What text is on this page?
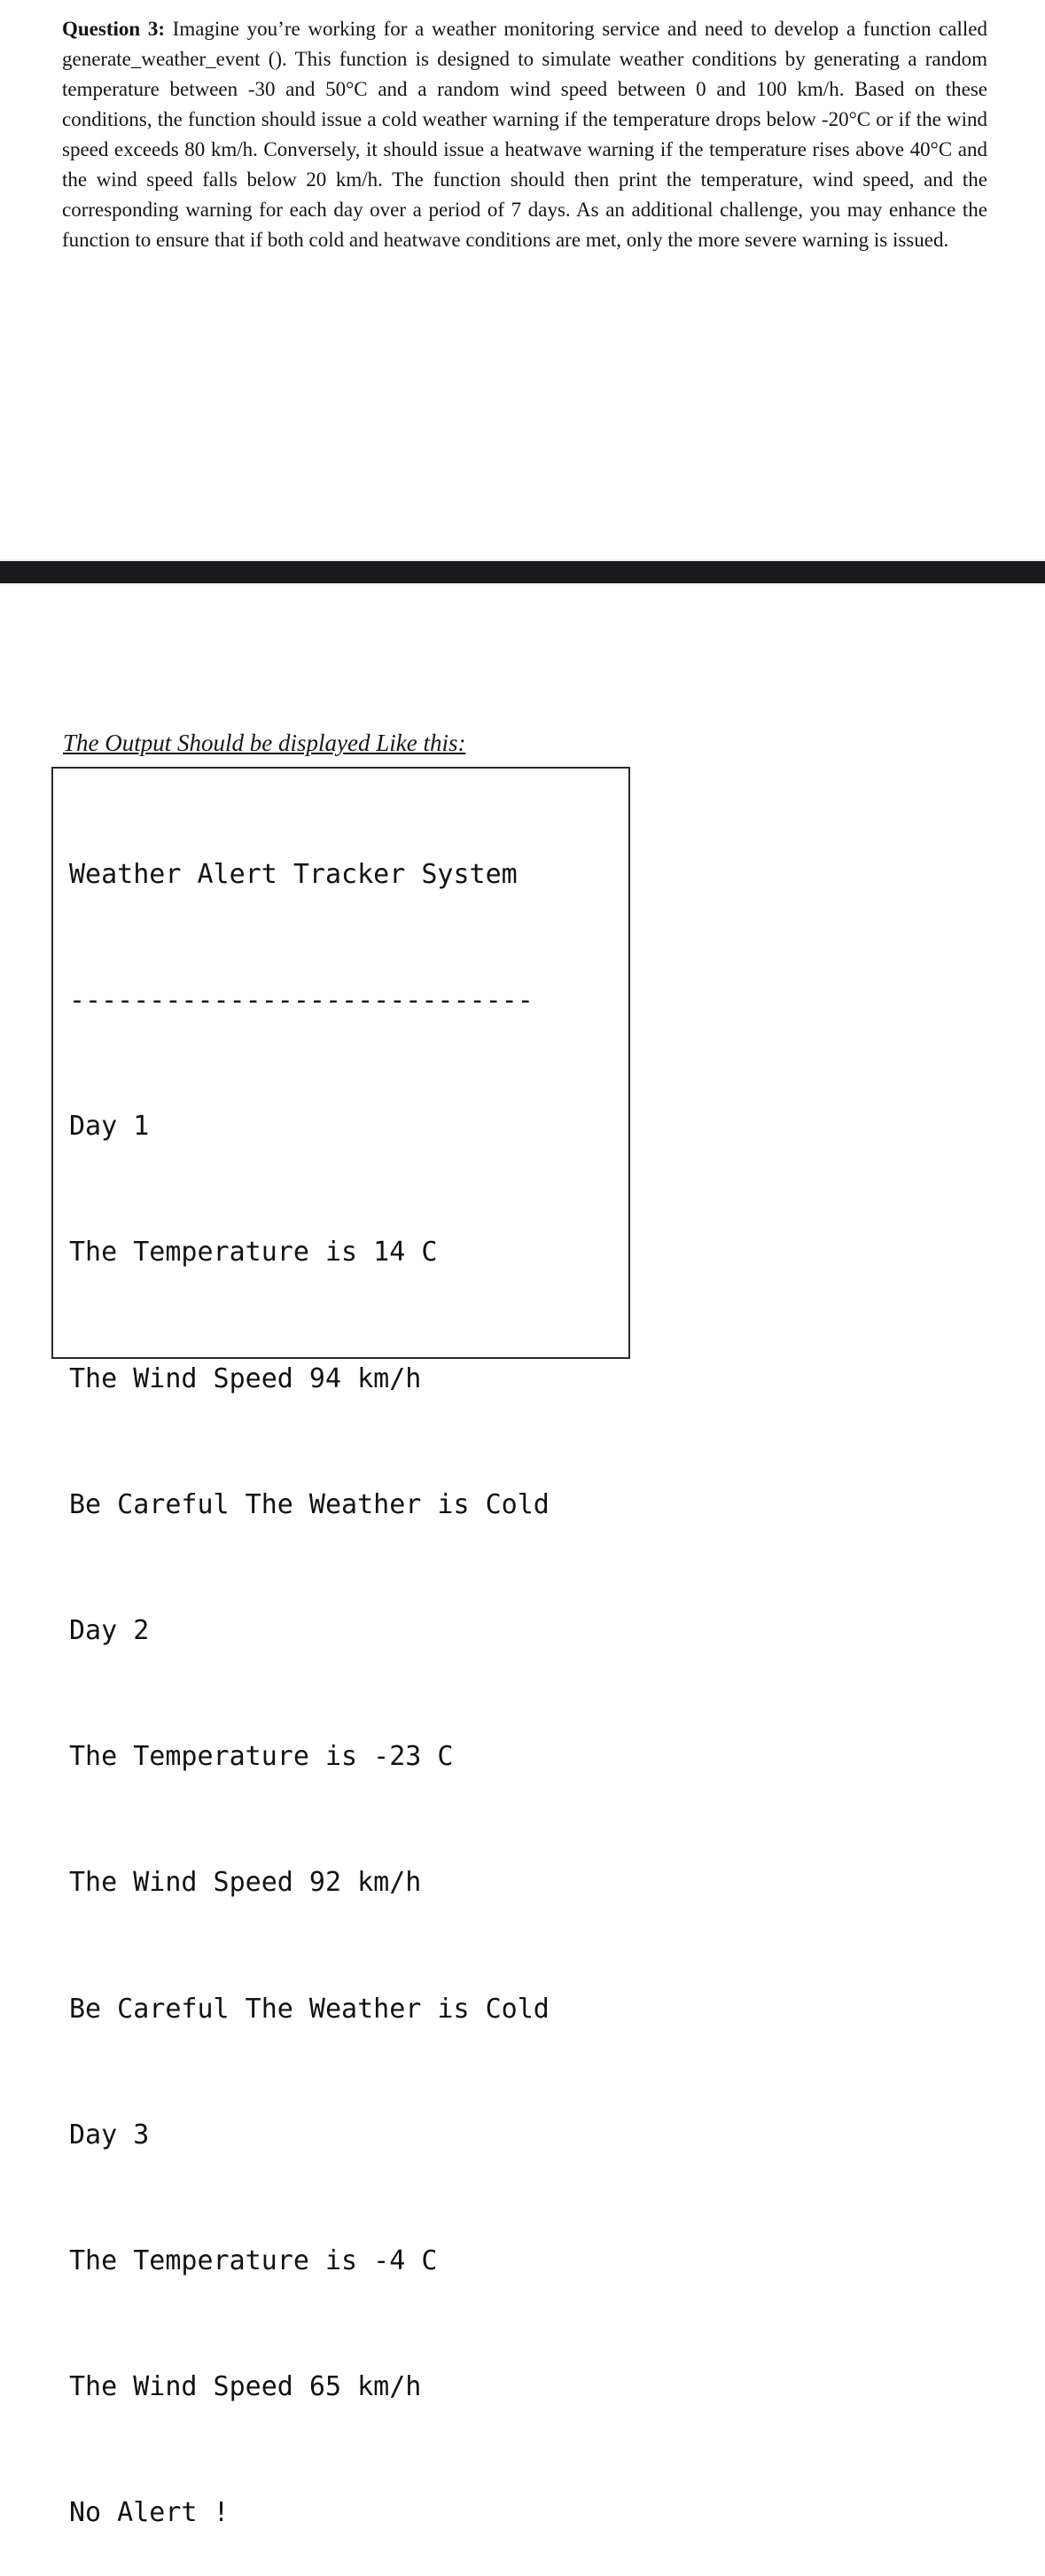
Question 3: Imagine you’re working for a weather monitoring service and need to develop a function called generate_weather_event (). This function is designed to simulate weather conditions by generating a random temperature between -30 and 50°C and a random wind speed between 0 and 100 km/h. Based on these conditions, the function should issue a cold weather warning if the temperature drops below -20°C or if the wind speed exceeds 80 km/h. Conversely, it should issue a heatwave warning if the temperature rises above 40°C and the wind speed falls below 20 km/h. The function should then print the temperature, wind speed, and the corresponding warning for each day over a period of 7 days. As an additional challenge, you may enhance the function to ensure that if both cold and heatwave conditions are met, only the more severe warning is issued.

The Output Should be displayed Like this:

Weather Alert Tracker System

-----------------------------

Day 1

The Temperature is 14 C

The Wind Speed 94 km/h

Be Careful The Weather is Cold

Day 2

The Temperature is -23 C

The Wind Speed 92 km/h

Be Careful The Weather is Cold

Day 3

The Temperature is -4 C

The Wind Speed 65 km/h

No Alert !
